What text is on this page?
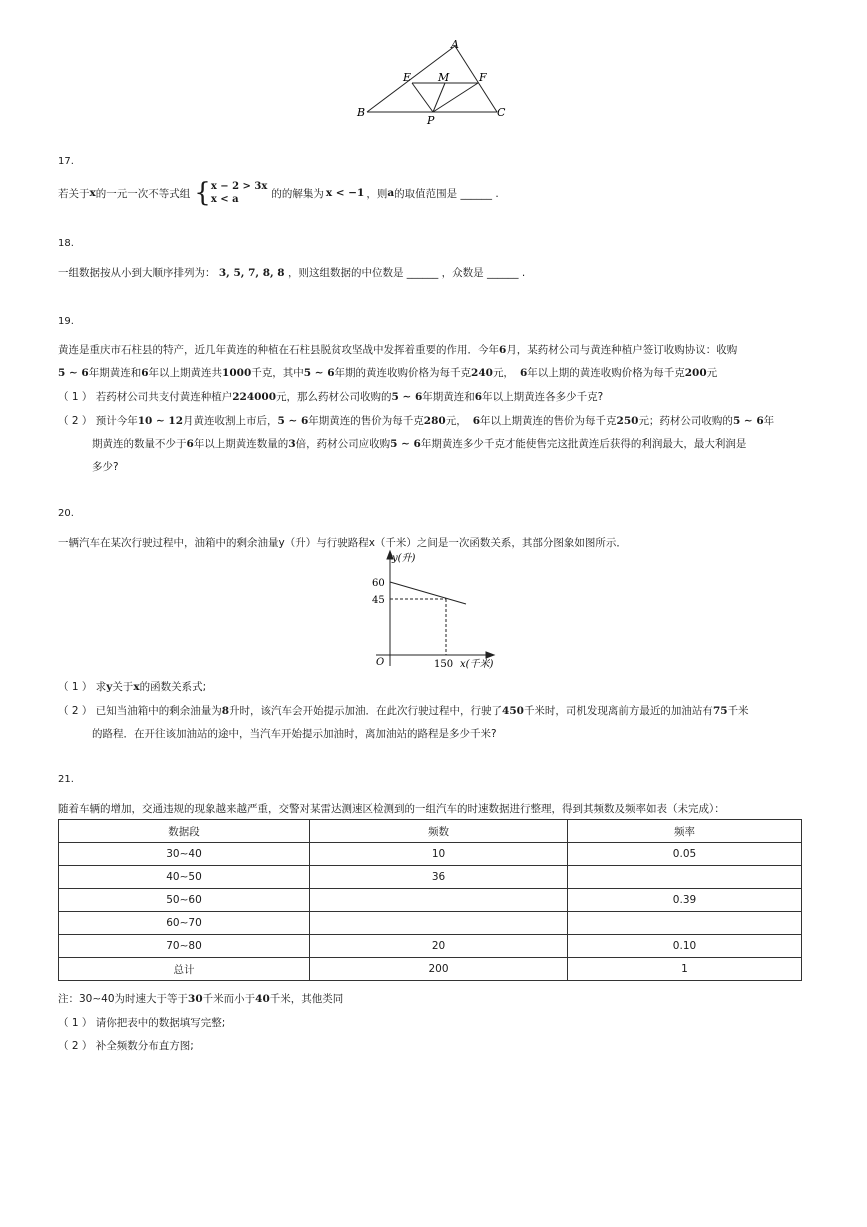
A
E M	F
B
P
C
17.
若关于 x 的一元一次不等式组 { x − 2 > 3x
x < a	的的解集为 x < −1 ，则 a 的取值范围是 ______ .
18.
一组数据按从小到大顺序排列为： 3, 5, 7, 8, 8 ，则这组数据的中位数是 ______ ，众数是 ______ .
19.
黄连是重庆市石柱县的特产，近几年黄连的种植在石柱县脱贫攻坚战中发挥着重要的作用．今年6月，某药材公司与黄连种植户签订收购协议：收购
5 ∼ 6年期黄连和6年以上期黄连共1000千克，其中5 ∼ 6年期的黄连收购价格为每千克240元， 6年以上期的黄连收购价格为每千克200元
（ 1 ） 若药材公司共支付黄连种植户224000元，那么药材公司收购的5 ∼ 6年期黄连和6年以上期黄连各多少千克?
（ 2 ） 预计今年10 ∼ 12月黄连收割上市后，5 ∼ 6年期黄连的售价为每千克280元， 6年以上期黄连的售价为每千克250元；药材公司收购的5 ∼ 6年
期黄连的数量不少于6年以上期黄连数量的3倍，药材公司应收购5 ∼ 6年期黄连多少千克才能使售完这批黄连后获得的利润最大，最大利润是
多少?
20.
一辆汽车在某次行驶过程中，油箱中的剩余油量y（升）与行驶路程x（千米）之间是一次函数关系，其部分图象如图所示．
y(升)
60
45
O	150 x(千米)
（ 1 ） 求y关于x的函数关系式;
（ 2 ） 已知当油箱中的剩余油量为8升时，该汽车会开始提示加油．在此次行驶过程中，行驶了450千米时，司机发现离前方最近的加油站有75千米
的路程．在开往该加油站的途中，当汽车开始提示加油时，离加油站的路程是多少千米?
21.
随着车辆的增加，交通违规的现象越来越严重，交警对某雷达测速区检测到的一组汽车的时速数据进行整理，得到其频数及频率如表（未完成）：
数据段	频数	频率
30∼40	10	0.05
40∼50	36	
50∼60		0.39
60∼70		
70∼80	20	0.10
总计	200	1
注：30∼40为时速大于等于30千米而小于40千米，其他类同
（ 1 ） 请你把表中的数据填写完整;
（ 2 ） 补全频数分布直方图;
